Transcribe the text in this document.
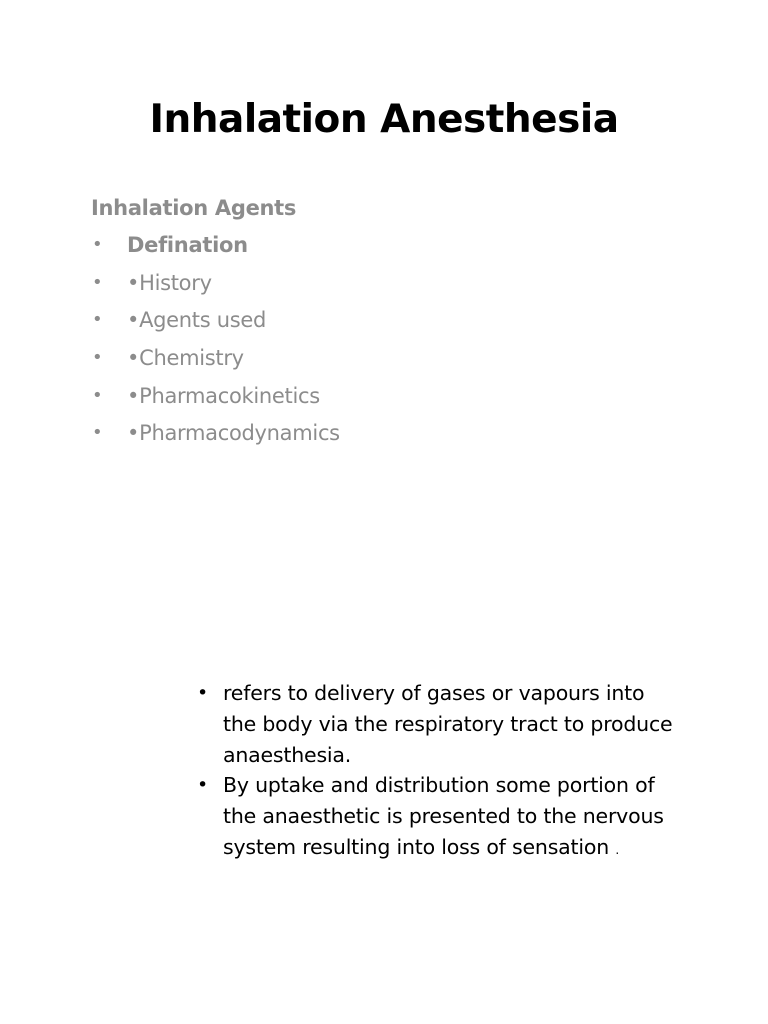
Inhalation Anesthesia
Inhalation Agents
• Defination
• •History
• •Agents used
• •Chemistry
• •Pharmacokinetics
• •Pharmacodynamics
• refers to delivery of gases or vapours into
the body via the respiratory tract to produce
anaesthesia.
• By uptake and distribution some portion of
the anaesthetic is presented to the nervous
system resulting into loss of sensation .
